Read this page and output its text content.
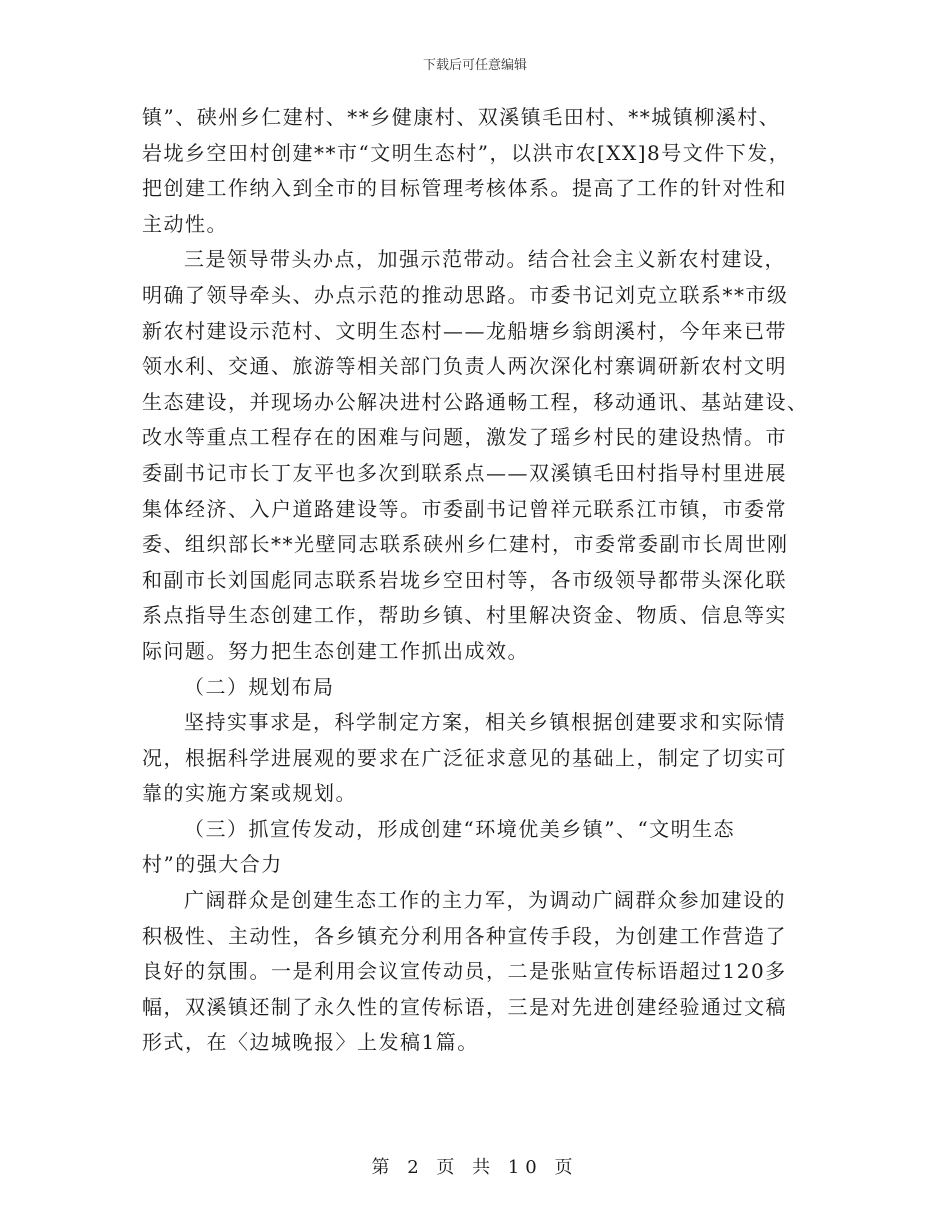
下载后可任意编辑

镇”、硖州乡仁建村、**乡健康村、双溪镇毛田村、**城镇柳溪村、
岩垅乡空田村创建**市“文明生态村”，以洪市农[XX]8号文件下发，
把创建工作纳入到全市的目标管理考核体系。提高了工作的针对性和
主动性。

三是领导带头办点，加强示范带动。结合社会主义新农村建设，
明确了领导牵头、办点示范的推动思路。市委书记刘克立联系**市级
新农村建设示范村、文明生态村——龙船塘乡翁朗溪村，今年来已带
领水利、交通、旅游等相关部门负责人两次深化村寨调研新农村文明
生态建设，并现场办公解决进村公路通畅工程，移动通讯、基站建设、
改水等重点工程存在的困难与问题，激发了瑶乡村民的建设热情。市
委副书记市长丁友平也多次到联系点——双溪镇毛田村指导村里进展
集体经济、入户道路建设等。市委副书记曾祥元联系江市镇，市委常
委、组织部长**光壁同志联系硖州乡仁建村，市委常委副市长周世刚
和副市长刘国彪同志联系岩垅乡空田村等，各市级领导都带头深化联
系点指导生态创建工作，帮助乡镇、村里解决资金、物质、信息等实
际问题。努力把生态创建工作抓出成效。

（二）规划布局

坚持实事求是，科学制定方案，相关乡镇根据创建要求和实际情
况，根据科学进展观的要求在广泛征求意见的基础上，制定了切实可
靠的实施方案或规划。

（三）抓宣传发动，形成创建“环境优美乡镇”、“文明生态
村”的强大合力

广阔群众是创建生态工作的主力军，为调动广阔群众参加建设的
积极性、主动性，各乡镇充分利用各种宣传手段，为创建工作营造了
良好的氛围。一是利用会议宣传动员，二是张贴宣传标语超过120多
幅，双溪镇还制了永久性的宣传标语，三是对先进创建经验通过文稿
形式，在〈边城晚报〉上发稿1篇。

第 2 页 共 10 页
